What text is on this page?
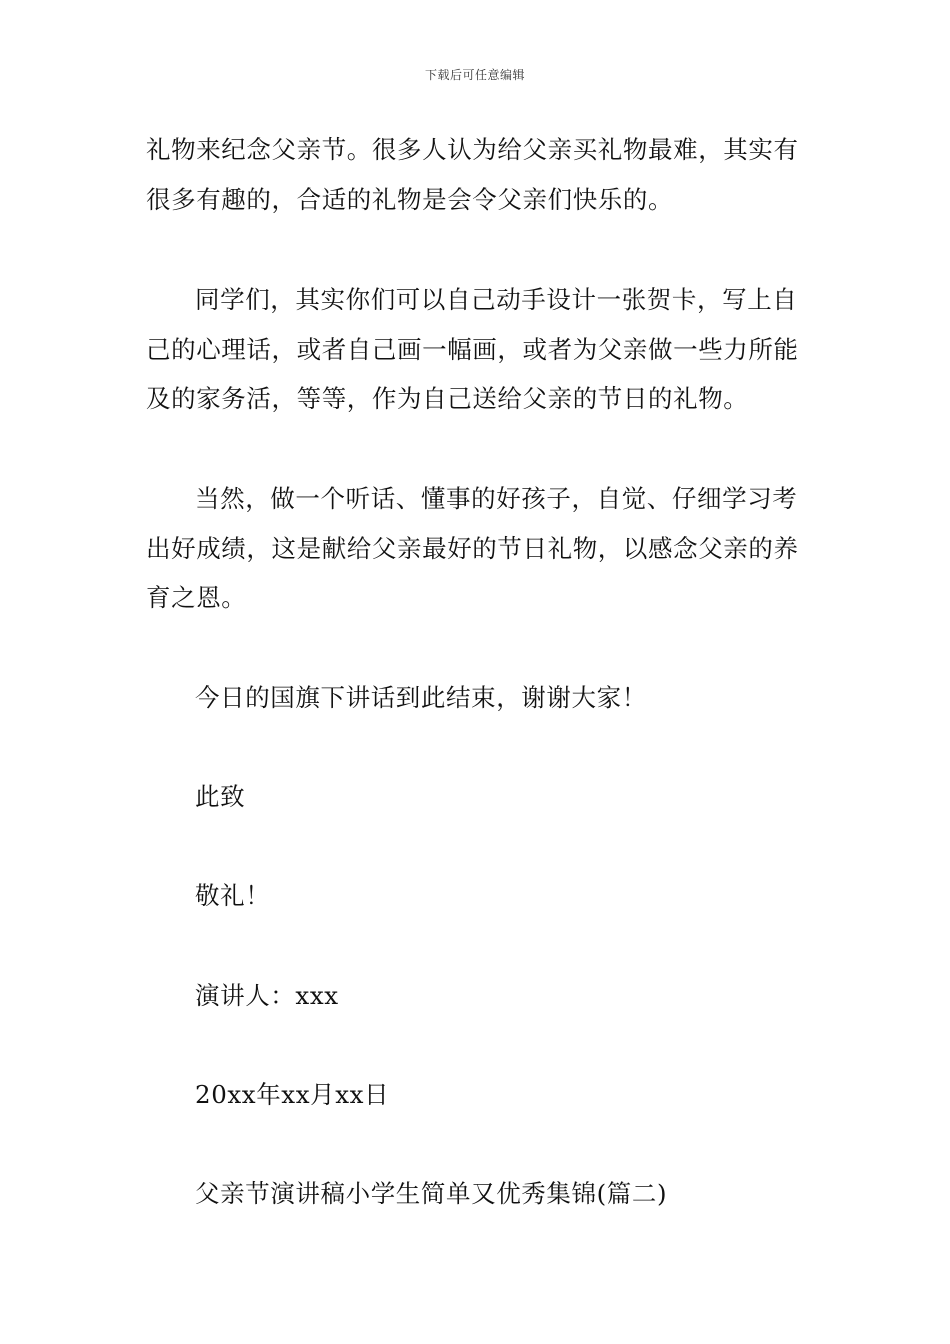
下载后可任意编辑

礼物来纪念父亲节。很多人认为给父亲买礼物最难，其实有很多有趣的，合适的礼物是会令父亲们快乐的。

同学们，其实你们可以自己动手设计一张贺卡，写上自己的心理话，或者自己画一幅画，或者为父亲做一些力所能及的家务活，等等，作为自己送给父亲的节日的礼物。

当然，做一个听话、懂事的好孩子，自觉、仔细学习考出好成绩，这是献给父亲最好的节日礼物，以感念父亲的养育之恩。

今日的国旗下讲话到此结束，谢谢大家！

此致

敬礼！

演讲人：xxx

20xx年xx月xx日

父亲节演讲稿小学生简单又优秀集锦(篇二)
